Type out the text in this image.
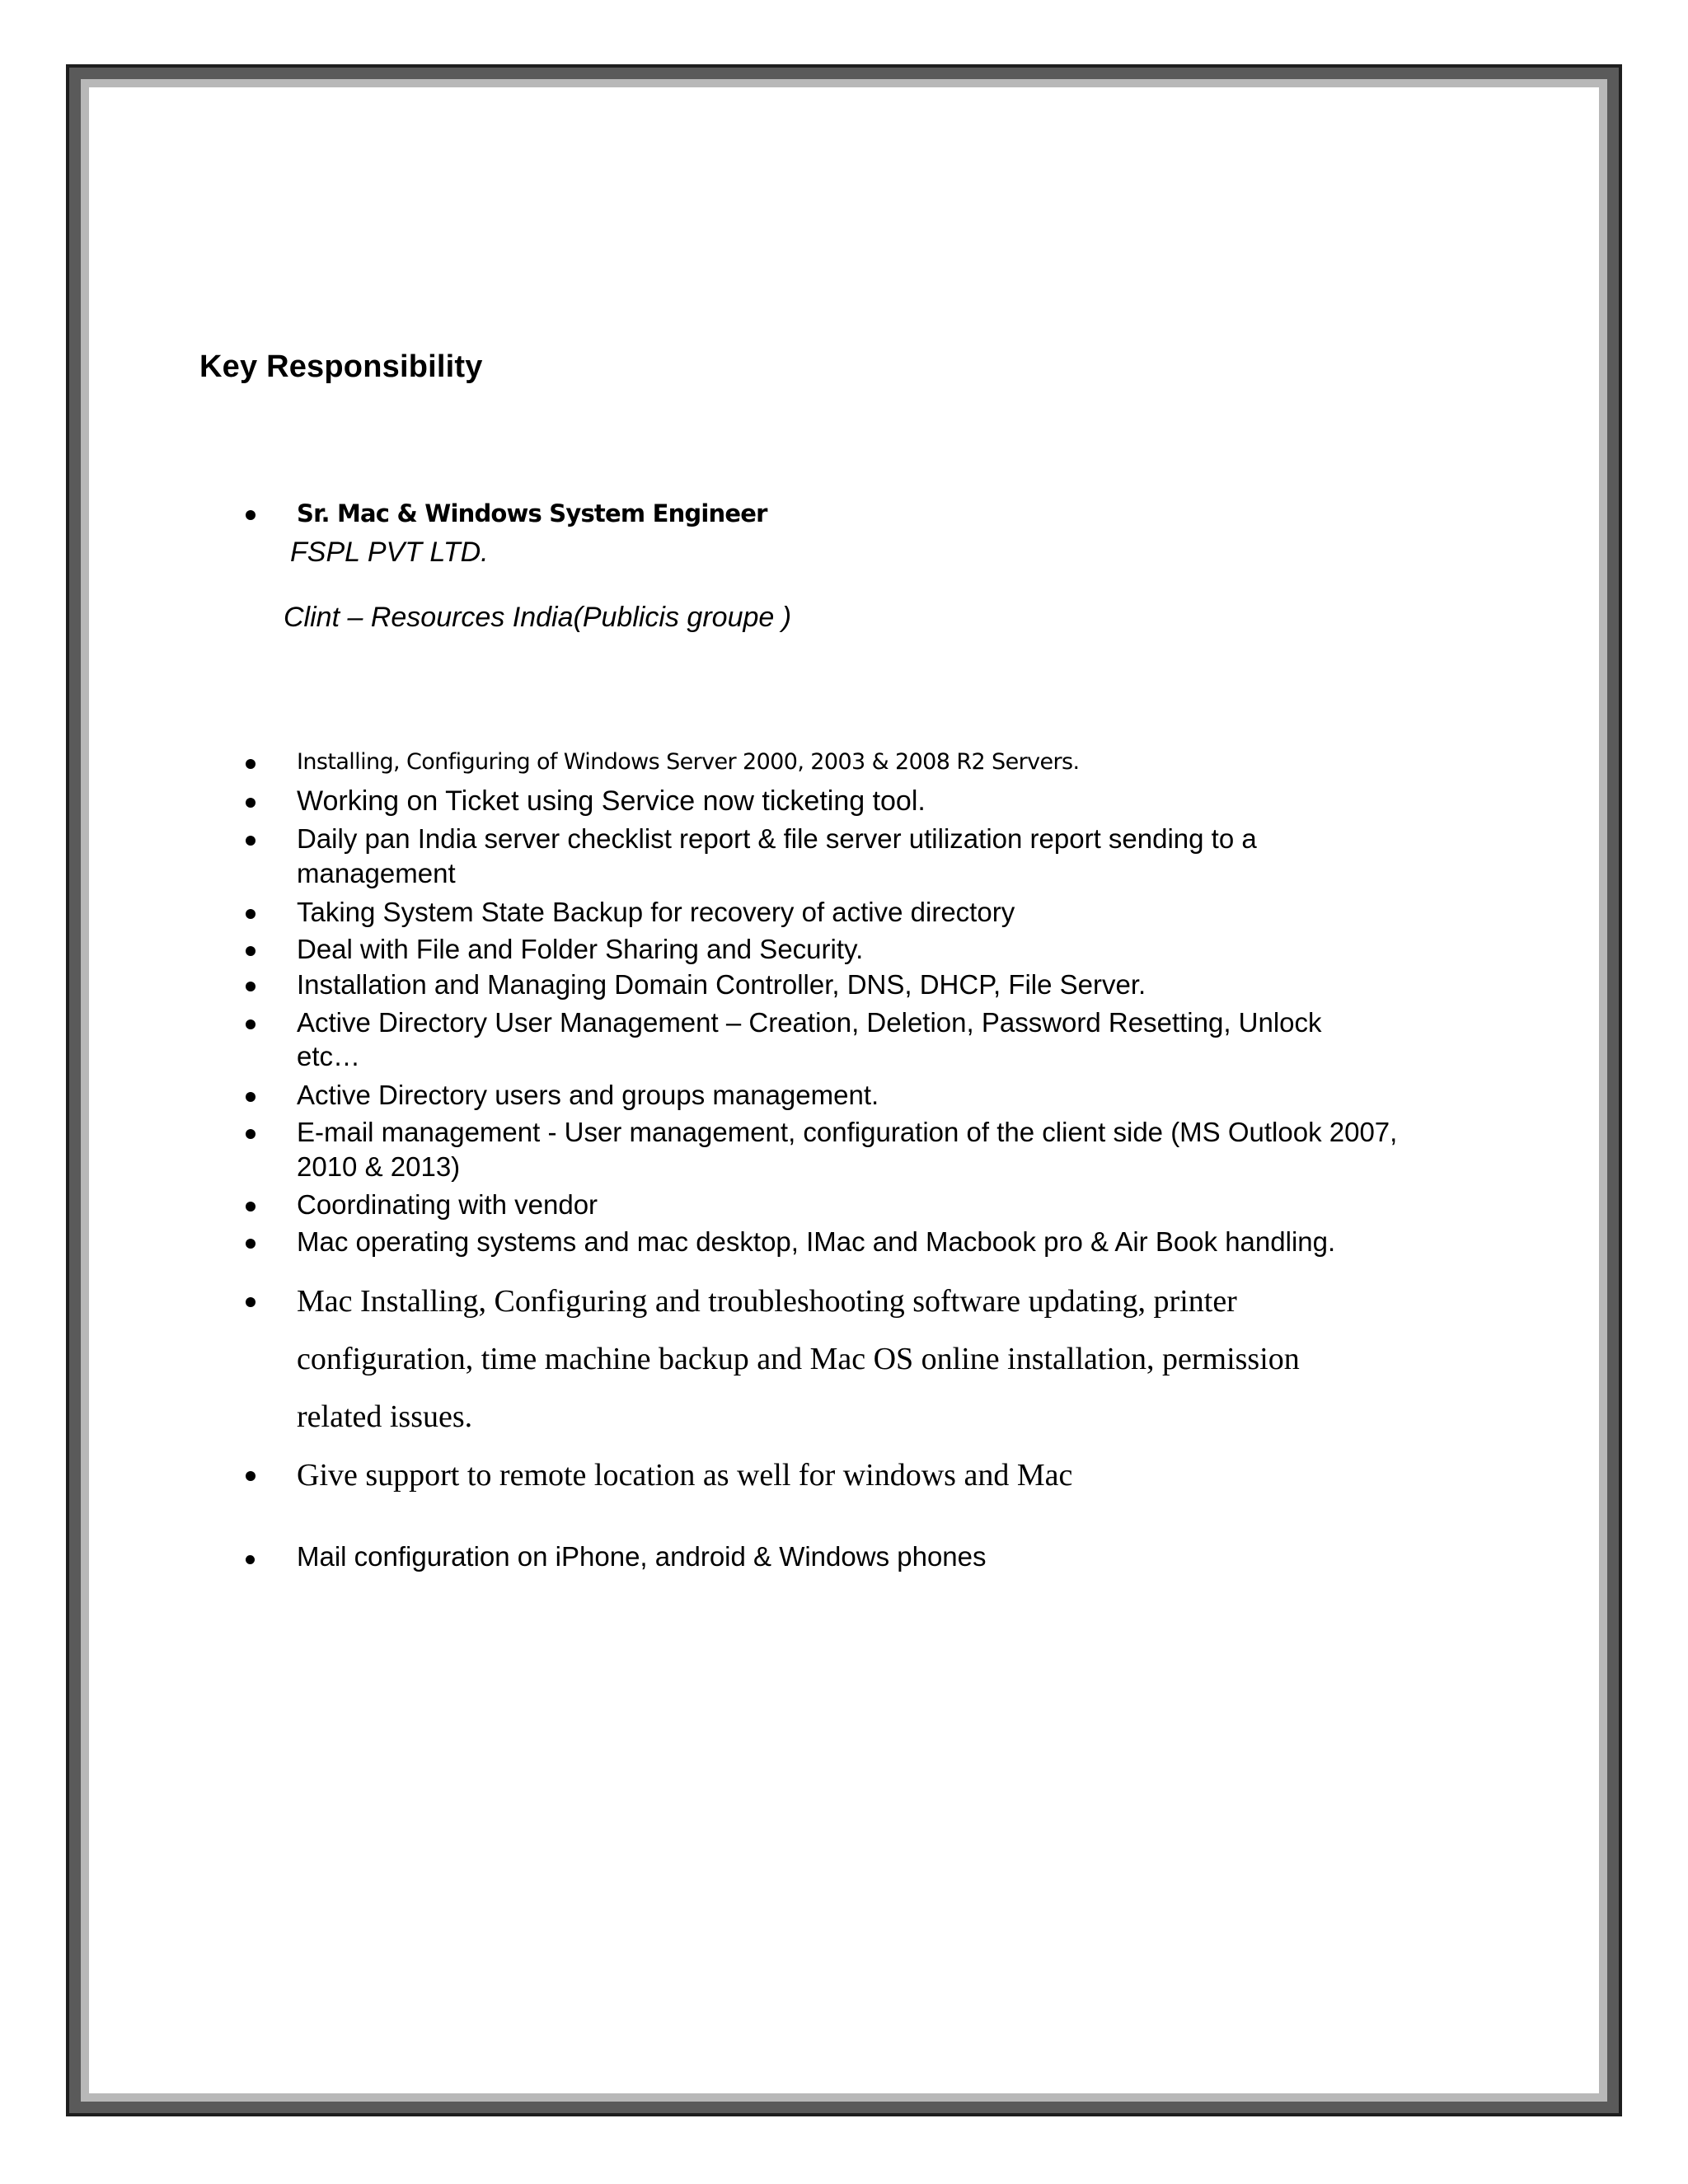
Key Responsibility
Sr. Mac & Windows System Engineer
FSPL PVT LTD.
Clint – Resources India(Publicis groupe )
Installing, Configuring of Windows Server 2000, 2003 & 2008 R2 Servers.
Working on Ticket using Service now ticketing tool.
Daily pan India server checklist report & file server utilization report sending to a
management
Taking System State Backup for recovery of active directory
Deal with File and Folder Sharing and Security.
Installation and Managing Domain Controller, DNS, DHCP, File Server.
Active Directory User Management – Creation, Deletion, Password Resetting, Unlock
etc…
Active Directory users and groups management.
E-mail management - User management, configuration of the client side (MS Outlook 2007,
2010 & 2013)
Coordinating with vendor
Mac operating systems and mac desktop, IMac and Macbook pro & Air Book handling.
Mac Installing, Configuring and troubleshooting software updating, printer
configuration, time machine backup and Mac OS online installation, permission
related issues.
Give support to remote location as well for windows and Mac
Mail configuration on iPhone, android & Windows phones
